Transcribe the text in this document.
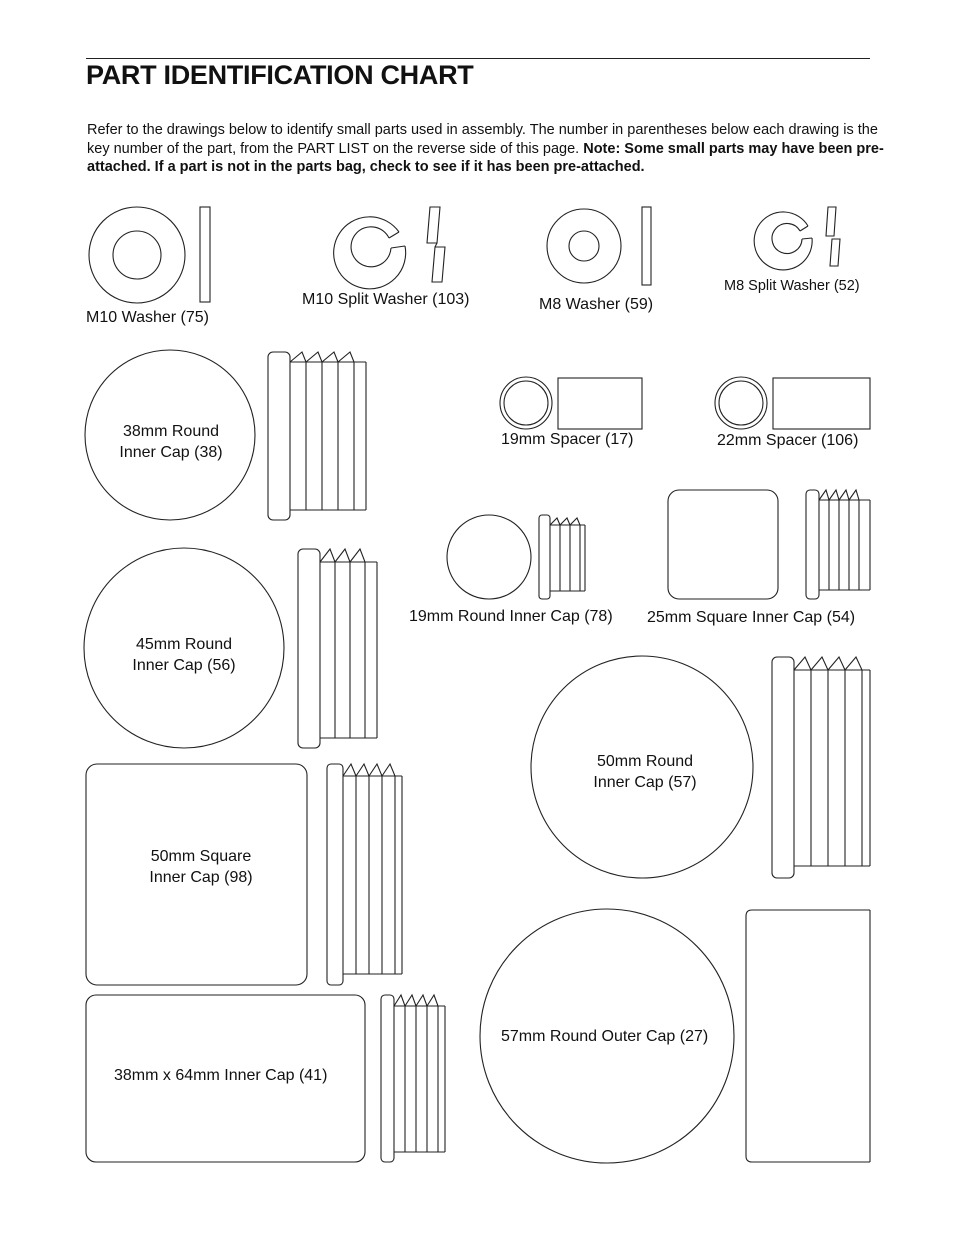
PART IDENTIFICATION CHART

Refer to the drawings below to identify small parts used in assembly. The number in parentheses below each drawing is the key number of the part, from the PART LIST on the reverse side of this page. Note: Some small parts may have been pre-attached. If a part is not in the parts bag, check to see if it has been pre-attached.

M10 Washer (75)
M10 Split Washer (103)	M8 Washer (59)
M8 Split Washer (52)
38mm Round
Inner Cap (38)
19mm Spacer (17)	22mm Spacer (106)
19mm Round Inner Cap (78) 25mm Square Inner Cap (54)
45mm Round
Inner Cap (56)
50mm Round
Inner Cap (57)
50mm Square
Inner Cap (98)
38mm x 64mm Inner Cap (41)
57mm Round Outer Cap (27)
